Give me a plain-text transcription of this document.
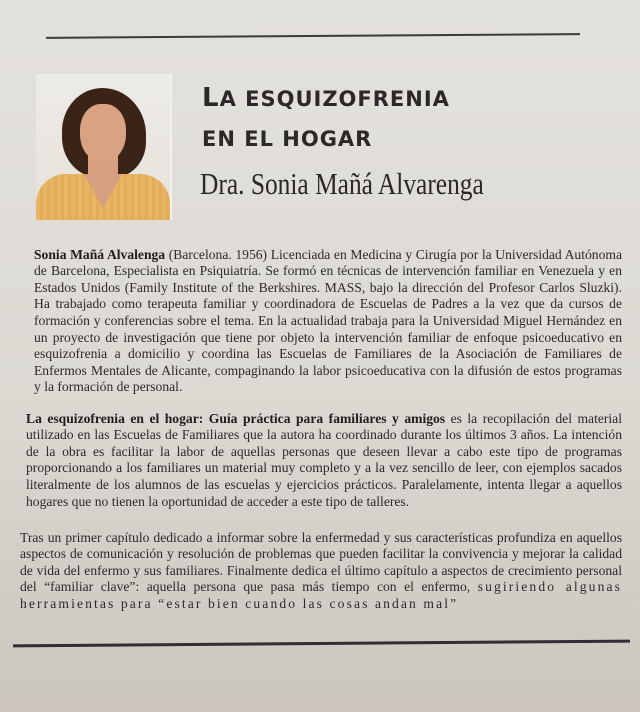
LA ESQUIZOFRENIA
EN EL HOGAR
Dra. Sonia Mañá Alvarenga

Sonia Mañá Alvalenga (Barcelona. 1956) Licenciada en Medicina y Cirugía por la Universidad Autónoma de Barcelona, Especialista en Psiquiatría. Se formó en técnicas de intervención familiar en Venezuela y en Estados Unidos (Family Institute of the Berkshires. MASS, bajo la dirección del Profesor Carlos Sluzki). Ha trabajado como terapeuta familiar y coordinadora de Escuelas de Padres a la vez que da cursos de formación y conferencias sobre el tema. En la actualidad trabaja para la Universidad Miguel Hernández en un proyecto de investigación que tiene por objeto la intervención familiar de enfoque psicoeducativo en esquizofrenia a domicilio y coordina las Escuelas de Familiares de la Asociación de Familiares de Enfermos Mentales de Alicante, compaginando la labor psicoeducativa con la difusión de estos programas y la formación de personal.

La esquizofrenia en el hogar: Guía práctica para familiares y amigos es la recopilación del material utilizado en las Escuelas de Familiares que la autora ha coordinado durante los últimos 3 años. La intención de la obra es facilitar la labor de aquellas personas que deseen llevar a cabo este tipo de programas proporcionando a los familiares un material muy completo y a la vez sencillo de leer, con ejemplos sacados literalmente de los alumnos de las escuelas y ejercicios prácticos. Paralelamente, intenta llegar a aquellos hogares que no tienen la oportunidad de acceder a este tipo de talleres.

Tras un primer capítulo dedicado a informar sobre la enfermedad y sus características profundiza en aquellos aspectos de comunicación y resolución de problemas que pueden facilitar la convivencia y mejorar la calidad de vida del enfermo y sus familiares. Finalmente dedica el último capítulo a aspectos de crecimiento personal del “familiar clave”: aquella persona que pasa más tiempo con el enfermo, sugiriendo algunas herramientas para “estar bien cuando las cosas andan mal”
